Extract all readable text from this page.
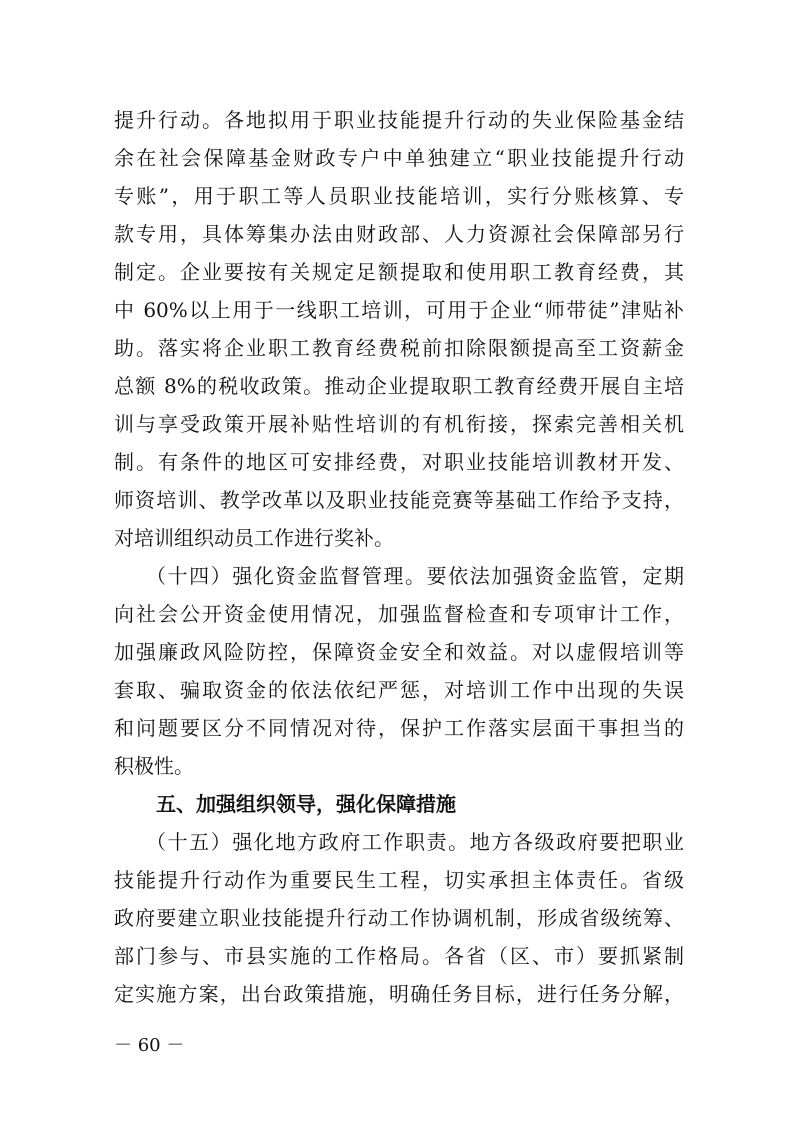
提升行动。各地拟用于职业技能提升行动的失业保险基金结
余在社会保障基金财政专户中单独建立“职业技能提升行动
专账”，用于职工等人员职业技能培训，实行分账核算、专
款专用，具体筹集办法由财政部、人力资源社会保障部另行
制定。企业要按有关规定足额提取和使用职工教育经费，其
中 60%以上用于一线职工培训，可用于企业“师带徒”津贴补
助。落实将企业职工教育经费税前扣除限额提高至工资薪金
总额 8%的税收政策。推动企业提取职工教育经费开展自主培
训与享受政策开展补贴性培训的有机衔接，探索完善相关机
制。有条件的地区可安排经费，对职业技能培训教材开发、
师资培训、教学改革以及职业技能竞赛等基础工作给予支持，
对培训组织动员工作进行奖补。
（十四）强化资金监督管理。要依法加强资金监管，定期
向社会公开资金使用情况，加强监督检查和专项审计工作，
加强廉政风险防控，保障资金安全和效益。对以虚假培训等
套取、骗取资金的依法依纪严惩，对培训工作中出现的失误
和问题要区分不同情况对待，保护工作落实层面干事担当的
积极性。
五、加强组织领导，强化保障措施
（十五）强化地方政府工作职责。地方各级政府要把职业
技能提升行动作为重要民生工程，切实承担主体责任。省级
政府要建立职业技能提升行动工作协调机制，形成省级统筹、
部门参与、市县实施的工作格局。各省（区、市）要抓紧制
定实施方案，出台政策措施，明确任务目标，进行任务分解，
－ 60 －
